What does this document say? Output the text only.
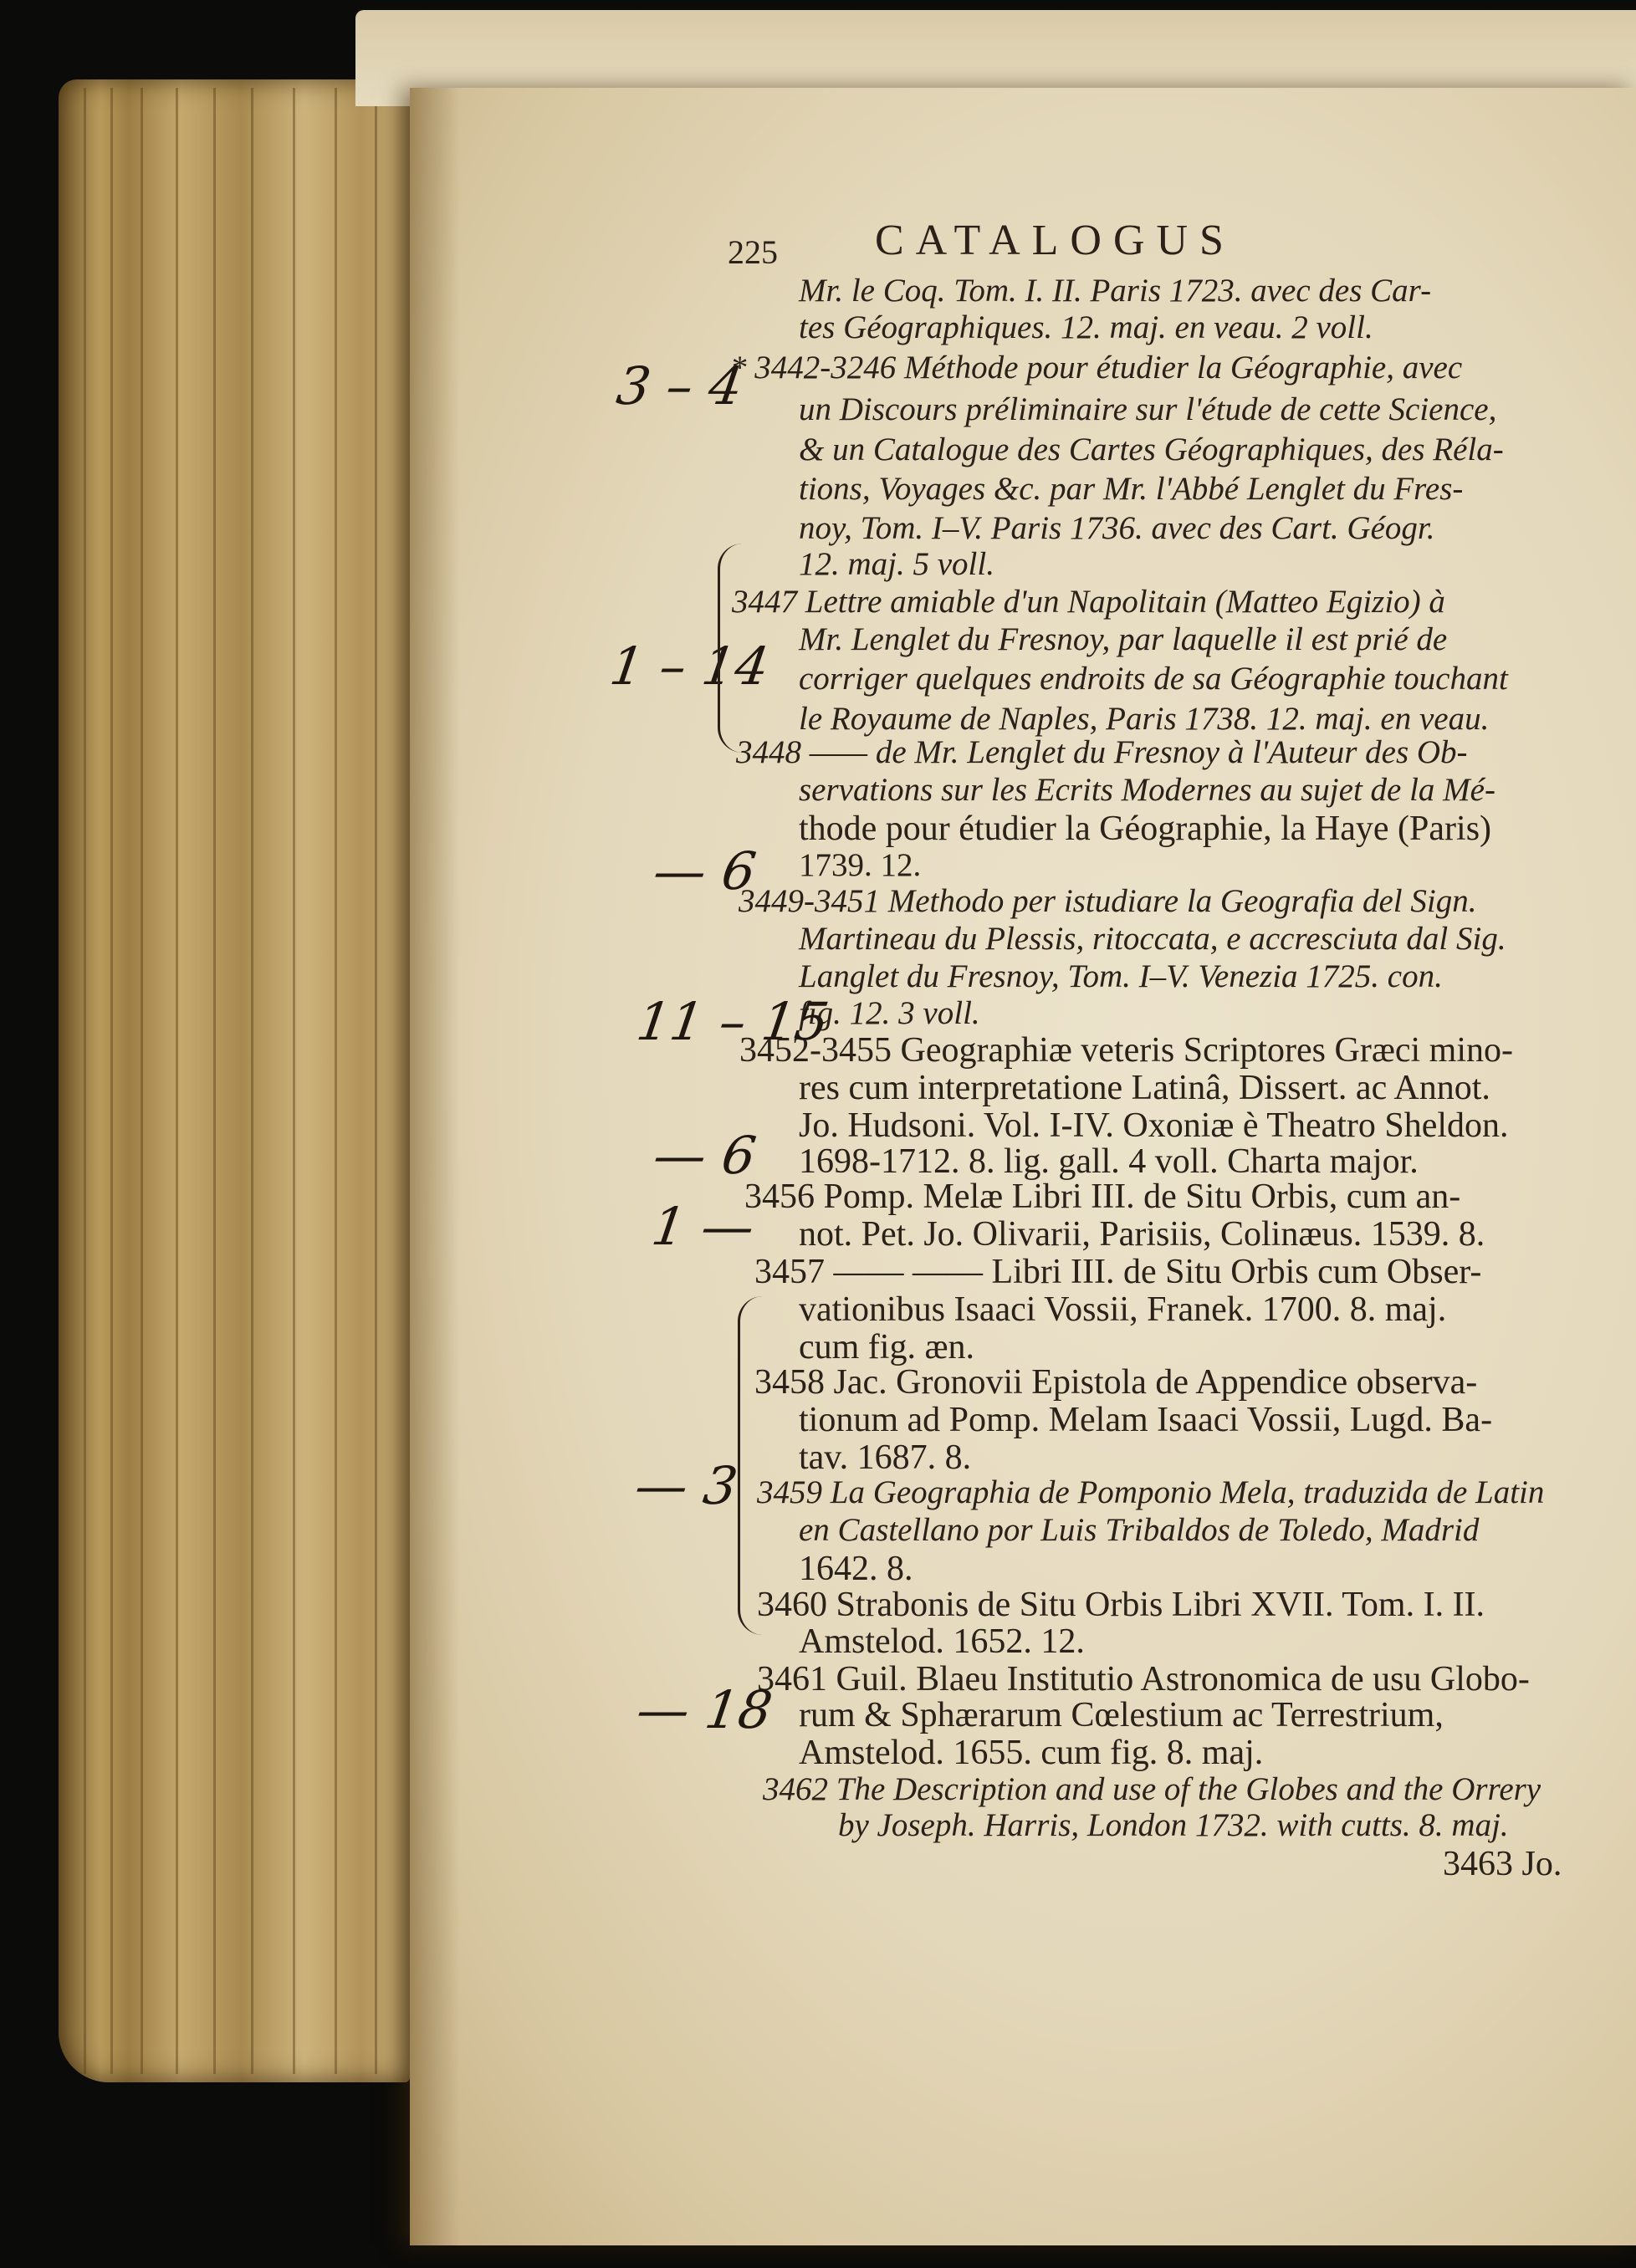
225 CATALOGUS
Mr. le Coq. Tom. I. II. Paris 1723. avec des Car-
tes Géographiques. 12. maj. en veau. 2 voll.
* 3442-3246 Méthode pour étudier la Géographie, avec
un Discours préliminaire sur l'étude de cette Science,
& un Catalogue des Cartes Géographiques, des Réla-
tions, Voyages &c. par Mr. l'Abbé Lenglet du Fres-
noy, Tom. I–V. Paris 1736. avec des Cart. Géogr.
12. maj. 5 voll.
3447 Lettre amiable d'un Napolitain (Matteo Egizio) à
Mr. Lenglet du Fresnoy, par laquelle il est prié de
corriger quelques endroits de sa Géographie touchant
le Royaume de Naples, Paris 1738. 12. maj. en veau.
3448 —— de Mr. Lenglet du Fresnoy à l'Auteur des Ob-
servations sur les Ecrits Modernes au sujet de la Mé-
thode pour étudier la Géographie, la Haye (Paris)
1739. 12.
3449-3451 Methodo per istudiare la Geografia del Sign.
Martineau du Plessis, ritoccata, e accresciuta dal Sig.
Langlet du Fresnoy, Tom. I–V. Venezia 1725. con.
fig. 12. 3 voll.
3452-3455 Geographiæ veteris Scriptores Græci mino-
res cum interpretatione Latinâ, Dissert. ac Annot.
Jo. Hudsoni. Vol. I-IV. Oxoniæ è Theatro Sheldon.
1698-1712. 8. lig. gall. 4 voll. Charta major.
3456 Pomp. Melæ Libri III. de Situ Orbis, cum an-
not. Pet. Jo. Olivarii, Parisiis, Colinæus. 1539. 8.
3457 —— —— Libri III. de Situ Orbis cum Obser-
vationibus Isaaci Vossii, Franek. 1700. 8. maj.
cum fig. æn.
3458 Jac. Gronovii Epistola de Appendice observa-
tionum ad Pomp. Melam Isaaci Vossii, Lugd. Ba-
tav. 1687. 8.
3459 La Geographia de Pomponio Mela, traduzida de Latin
en Castellano por Luis Tribaldos de Toledo, Madrid
1642. 8.
3460 Strabonis de Situ Orbis Libri XVII. Tom. I. II.
Amstelod. 1652. 12.
3461 Guil. Blaeu Institutio Astronomica de usu Globo-
rum & Sphærarum Cœlestium ac Terrestrium,
Amstelod. 1655. cum fig. 8. maj.
3462 The Description and use of the Globes and the Orrery
by Joseph. Harris, London 1732. with cutts. 8. maj.
3463 Jo.
3 – 4
1 – 14
— 6
11 – 15
— 6
1 —
— 3
— 18
